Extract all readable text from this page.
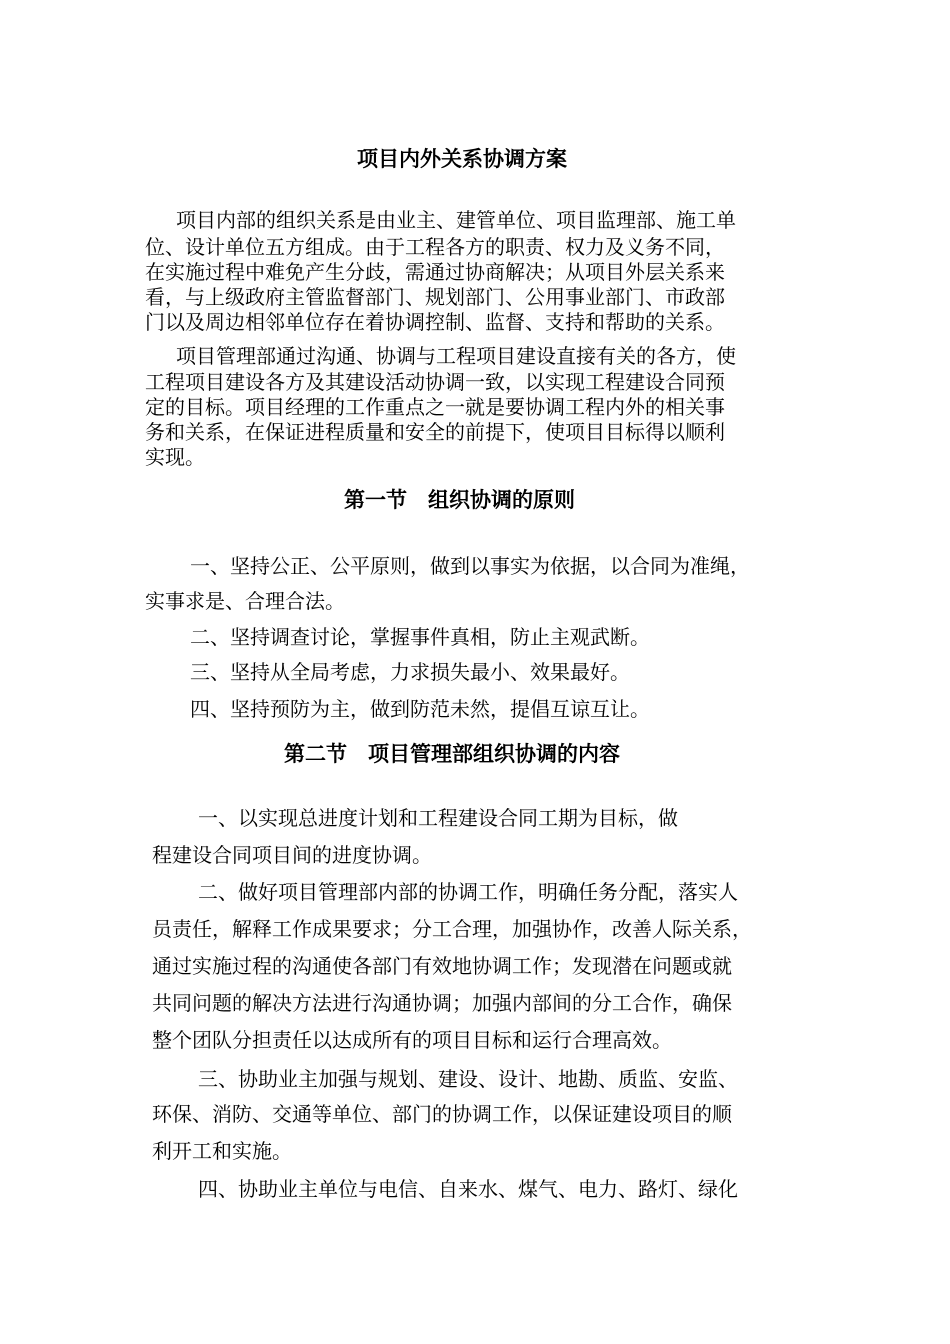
项目内外关系协调方案

项目内部的组织关系是由业主、建管单位、项目监理部、施工单

位、设计单位五方组成。由于工程各方的职责、权力及义务不同，

在实施过程中难免产生分歧，需通过协商解决；从项目外层关系来

看，与上级政府主管监督部门、规划部门、公用事业部门、市政部

门以及周边相邻单位存在着协调控制、监督、支持和帮助的关系。

项目管理部通过沟通、协调与工程项目建设直接有关的各方，使

工程项目建设各方及其建设活动协调一致，以实现工程建设合同预

定的目标。项目经理的工作重点之一就是要协调工程内外的相关事

务和关系，在保证进程质量和安全的前提下，使项目目标得以顺利

实现。

第一节　组织协调的原则

一、坚持公正、公平原则，做到以事实为依据，以合同为准绳，

实事求是、合理合法。

二、坚持调查讨论，掌握事件真相，防止主观武断。

三、坚持从全局考虑，力求损失最小、效果最好。

四、坚持预防为主，做到防范未然，提倡互谅互让。

第二节　项目管理部组织协调的内容

一、以实现总进度计划和工程建设合同工期为目标，做

程建设合同项目间的进度协调。

二、做好项目管理部内部的协调工作，明确任务分配，落实人

员责任，解释工作成果要求；分工合理，加强协作，改善人际关系，

通过实施过程的沟通使各部门有效地协调工作；发现潜在问题或就

共同问题的解决方法进行沟通协调；加强内部间的分工合作，确保

整个团队分担责任以达成所有的项目目标和运行合理高效。

三、协助业主加强与规划、建设、设计、地勘、质监、安监、

环保、消防、交通等单位、部门的协调工作，以保证建设项目的顺

利开工和实施。

四、协助业主单位与电信、自来水、煤气、电力、路灯、绿化
